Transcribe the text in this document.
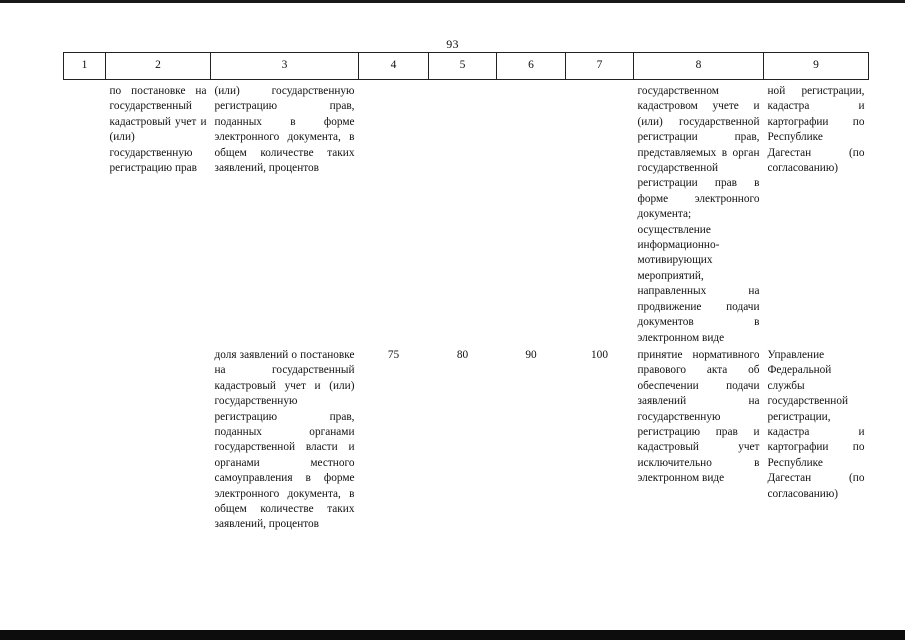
93
1	2	3	4	5	6	7	8	9
	по постановке на государственный кадастровый учет и (или) государственную регистрацию прав	(или) государственную регистрацию прав, поданных в форме электронного документа, в общем количестве таких заявлений, процентов					государственном кадастровом учете и (или) государственной регистрации прав, представляемых в орган государственной регистрации прав в форме электронного документа; осуществление информационно-мотивирующих мероприятий, направленных на продвижение подачи документов в электронном виде	ной регистрации, кадастра и картографии по Республике Дагестан (по согласованию)
		доля заявлений о постановке на государственный кадастровый учет и (или) государственную регистрацию прав, поданных органами государственной власти и органами местного самоуправления в форме электронного документа, в общем количестве таких заявлений, процентов	75	80	90	100	принятие нормативного правового акта об обеспечении подачи заявлений на государственную регистрацию прав и кадастровый учет исключительно в электронном виде	Управление Федеральной службы государственной регистрации, кадастра и картографии по Республике Дагестан (по согласованию)
